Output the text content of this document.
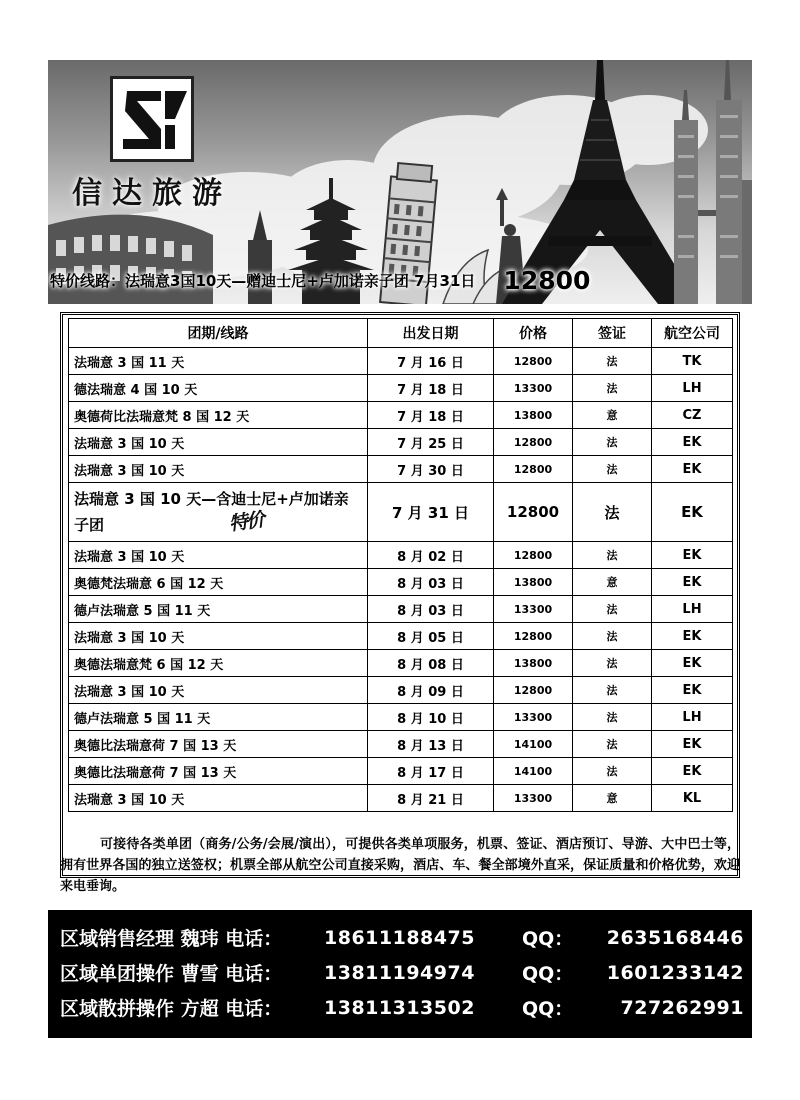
信达旅游
特价线路：法瑞意3国10天—赠迪士尼+卢加诺亲子团 7月31日 12800
团期/线路	出发日期	价格	签证	航空公司
法瑞意 3 国 11 天	7 月 16 日	12800	法	TK
德法瑞意 4 国 10 天	7 月 18 日	13300	法	LH
奥德荷比法瑞意梵 8 国 12 天	7 月 18 日	13800	意	CZ
法瑞意 3 国 10 天	7 月 25 日	12800	法	EK
法瑞意 3 国 10 天	7 月 30 日	12800	法	EK
法瑞意 3 国 10 天—含迪士尼+卢加诺亲子团 特价	7 月 31 日	12800	法	EK
法瑞意 3 国 10 天	8 月 02 日	12800	法	EK
奥德梵法瑞意 6 国 12 天	8 月 03 日	13800	意	EK
德卢法瑞意 5 国 11 天	8 月 03 日	13300	法	LH
法瑞意 3 国 10 天	8 月 05 日	12800	法	EK
奥德法瑞意梵 6 国 12 天	8 月 08 日	13800	法	EK
法瑞意 3 国 10 天	8 月 09 日	12800	法	EK
德卢法瑞意 5 国 11 天	8 月 10 日	13300	法	LH
奥德比法瑞意荷 7 国 13 天	8 月 13 日	14100	法	EK
奥德比法瑞意荷 7 国 13 天	8 月 17 日	14100	法	EK
法瑞意 3 国 10 天	8 月 21 日	13300	意	KL
可接待各类单团（商务/公务/会展/演出），可提供各类单项服务，机票、签证、酒店预订、导游、大中巴士等，拥有世界各国的独立送签权；机票全部从航空公司直接采购，酒店、车、餐全部境外直采，保证质量和价格优势，欢迎来电垂询。
区域销售经理 魏玮 电话：	18611188475	QQ：	2635168446
区域单团操作 曹雪 电话：	13811194974	QQ：	1601233142
区域散拼操作 方超 电话：	13811313502	QQ：	727262991
